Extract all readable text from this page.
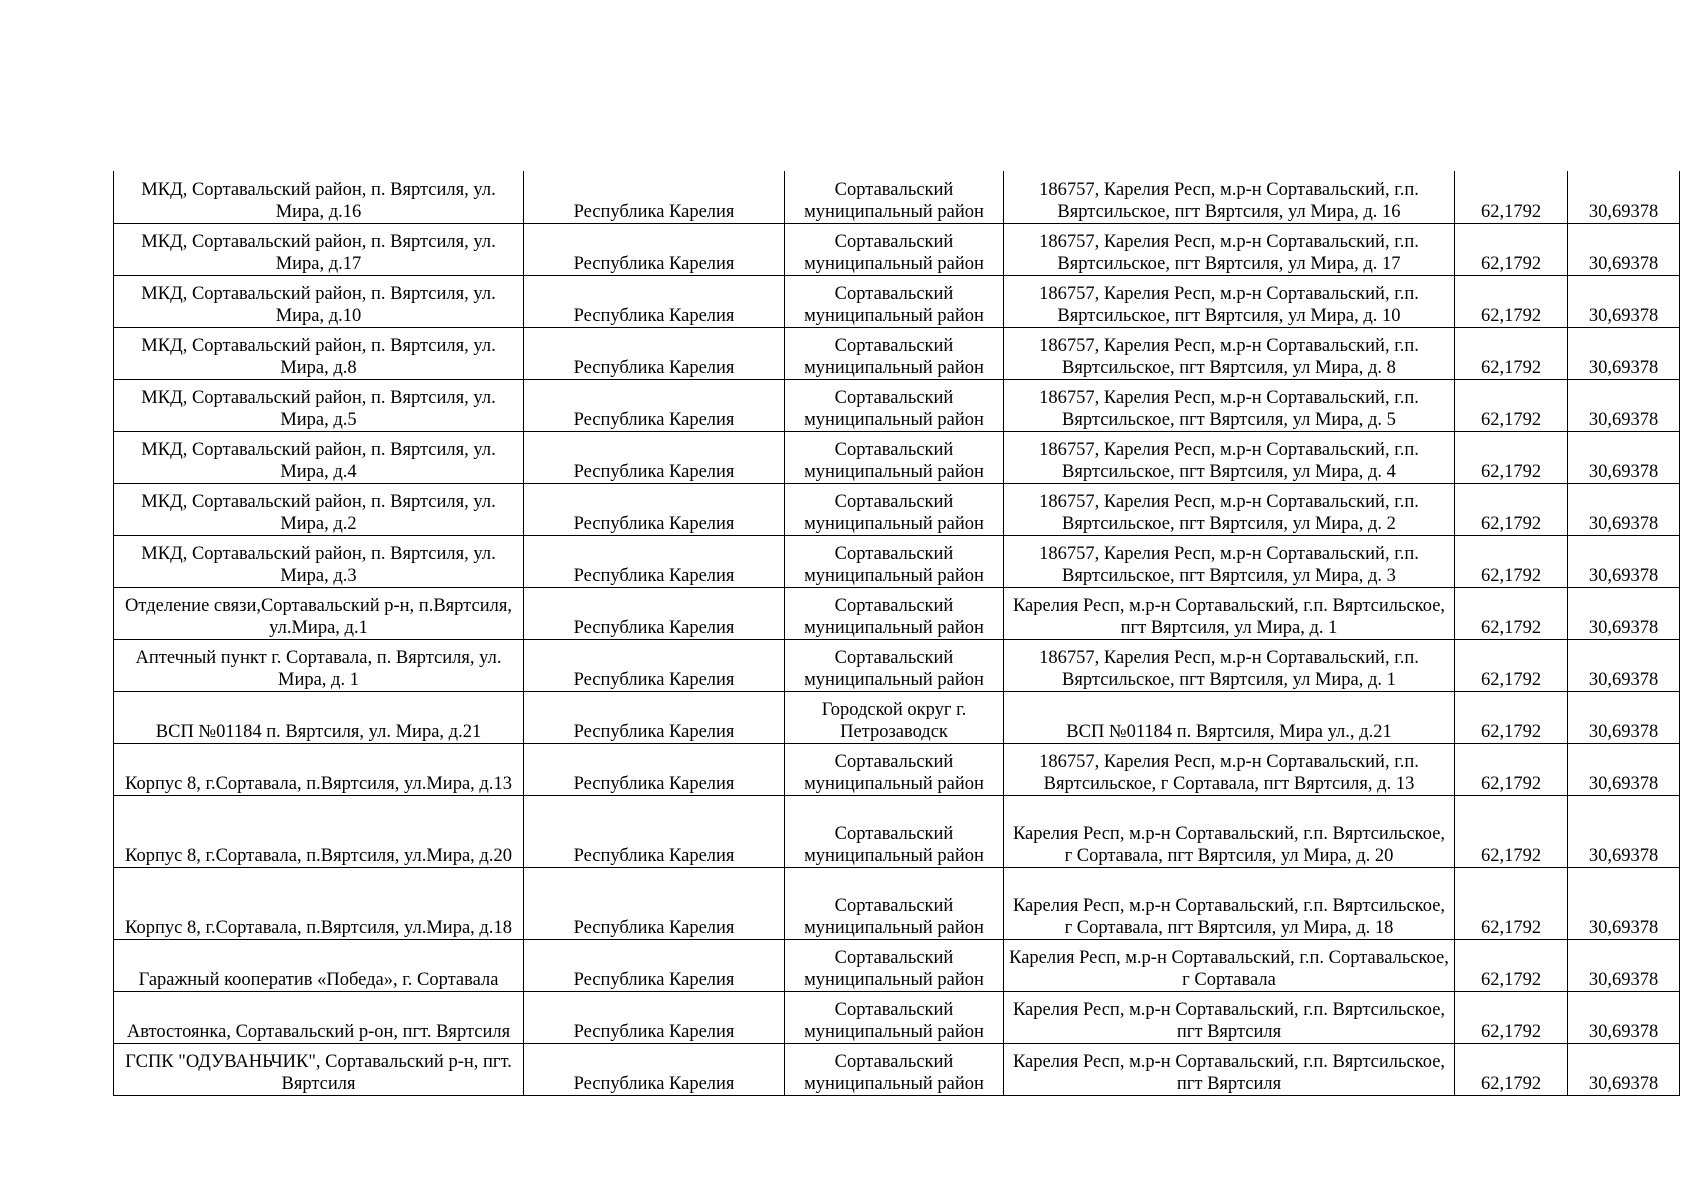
МКД, Сортавальский район, п. Вяртсиля, ул. Мира, д.16	Республика Карелия	Сортавальский муниципальный район	186757, Карелия Респ, м.р-н Сортавальский, г.п. Вяртсильское, пгт Вяртсиля, ул Мира, д. 16	62,1792	30,69378

МКД, Сортавальский район, п. Вяртсиля, ул. Мира, д.17	Республика Карелия	Сортавальский муниципальный район	186757, Карелия Респ, м.р-н Сортавальский, г.п. Вяртсильское, пгт Вяртсиля, ул Мира, д. 17	62,1792	30,69378

МКД, Сортавальский район, п. Вяртсиля, ул. Мира, д.10	Республика Карелия	Сортавальский муниципальный район	186757, Карелия Респ, м.р-н Сортавальский, г.п. Вяртсильское, пгт Вяртсиля, ул Мира, д. 10	62,1792	30,69378

МКД, Сортавальский район, п. Вяртсиля, ул. Мира, д.8	Республика Карелия	Сортавальский муниципальный район	186757, Карелия Респ, м.р-н Сортавальский, г.п. Вяртсильское, пгт Вяртсиля, ул Мира, д. 8	62,1792	30,69378

МКД, Сортавальский район, п. Вяртсиля, ул. Мира, д.5	Республика Карелия	Сортавальский муниципальный район	186757, Карелия Респ, м.р-н Сортавальский, г.п. Вяртсильское, пгт Вяртсиля, ул Мира, д. 5	62,1792	30,69378

МКД, Сортавальский район, п. Вяртсиля, ул. Мира, д.4	Республика Карелия	Сортавальский муниципальный район	186757, Карелия Респ, м.р-н Сортавальский, г.п. Вяртсильское, пгт Вяртсиля, ул Мира, д. 4	62,1792	30,69378

МКД, Сортавальский район, п. Вяртсиля, ул. Мира, д.2	Республика Карелия	Сортавальский муниципальный район	186757, Карелия Респ, м.р-н Сортавальский, г.п. Вяртсильское, пгт Вяртсиля, ул Мира, д. 2	62,1792	30,69378

МКД, Сортавальский район, п. Вяртсиля, ул. Мира, д.3	Республика Карелия	Сортавальский муниципальный район	186757, Карелия Респ, м.р-н Сортавальский, г.п. Вяртсильское, пгт Вяртсиля, ул Мира, д. 3	62,1792	30,69378

Отделение связи,Сортавальский р-н, п.Вяртсиля, ул.Мира, д.1	Республика Карелия	Сортавальский муниципальный район	Карелия Респ, м.р-н Сортавальский, г.п. Вяртсильское, пгт Вяртсиля, ул Мира, д. 1	62,1792	30,69378

Аптечный пункт г. Сортавала, п. Вяртсиля, ул. Мира, д. 1	Республика Карелия	Сортавальский муниципальный район	186757, Карелия Респ, м.р-н Сортавальский, г.п. Вяртсильское, пгт Вяртсиля, ул Мира, д. 1	62,1792	30,69378

ВСП №01184 п. Вяртсиля, ул. Мира, д.21	Республика Карелия	Городской округ г. Петрозаводск	ВСП №01184 п. Вяртсиля, Мира ул., д.21	62,1792	30,69378

Корпус 8, г.Сортавала, п.Вяртсиля, ул.Мира, д.13	Республика Карелия	Сортавальский муниципальный район	186757, Карелия Респ, м.р-н Сортавальский, г.п. Вяртсильское, г Сортавала, пгт Вяртсиля, д. 13	62,1792	30,69378

Корпус 8, г.Сортавала, п.Вяртсиля, ул.Мира, д.20	Республика Карелия	Сортавальский муниципальный район	Карелия Респ, м.р-н Сортавальский, г.п. Вяртсильское, г Сортавала, пгт Вяртсиля, ул Мира, д. 20	62,1792	30,69378

Корпус 8, г.Сортавала, п.Вяртсиля, ул.Мира, д.18	Республика Карелия	Сортавальский муниципальный район	Карелия Респ, м.р-н Сортавальский, г.п. Вяртсильское, г Сортавала, пгт Вяртсиля, ул Мира, д. 18	62,1792	30,69378

Гаражный кооператив «Победа», г. Сортавала	Республика Карелия	Сортавальский муниципальный район	Карелия Респ, м.р-н Сортавальский, г.п. Сортавальское, г Сортавала	62,1792	30,69378

Автостоянка, Сортавальский р-он, пгт. Вяртсиля	Республика Карелия	Сортавальский муниципальный район	Карелия Респ, м.р-н Сортавальский, г.п. Вяртсильское, пгт Вяртсиля	62,1792	30,69378

ГСПК "ОДУВАНЬЧИК", Сортавальский р-н, пгт. Вяртсиля	Республика Карелия	Сортавальский муниципальный район	Карелия Респ, м.р-н Сортавальский, г.п. Вяртсильское, пгт Вяртсиля	62,1792	30,69378
